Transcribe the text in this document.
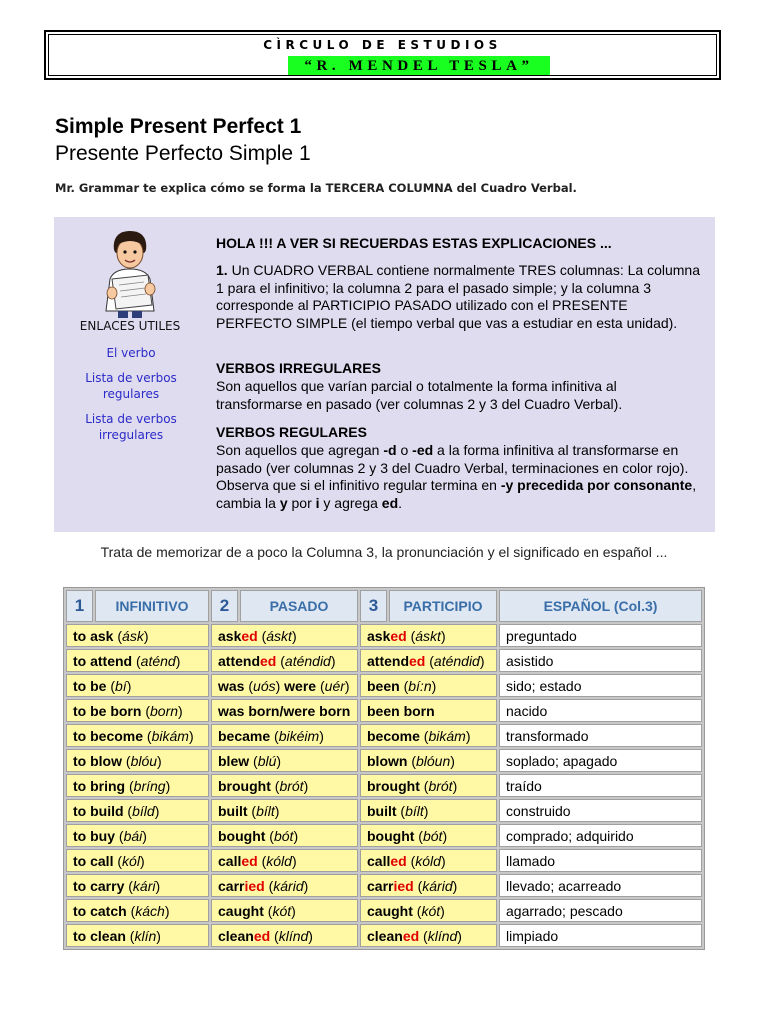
CÌRCULO DE ESTUDIOS
“R. MENDEL TESLA”
Simple Present Perfect 1
Presente Perfecto Simple 1
Mr. Grammar te explica cómo se forma la TERCERA COLUMNA del Cuadro Verbal.
ENLACES UTILES
El verbo
Lista de verbos regulares
Lista de verbos irregulares
HOLA !!! A VER SI RECUERDAS ESTAS EXPLICACIONES ...

1. Un CUADRO VERBAL contiene normalmente TRES columnas: La columna 1 para el infinitivo; la columna 2 para el pasado simple; y la columna 3 corresponde al PARTICIPIO PASADO utilizado con el PRESENTE PERFECTO SIMPLE (el tiempo verbal que vas a estudiar en esta unidad).

VERBOS IRREGULARES

Son aquellos que varían parcial o totalmente la forma infinitiva al transformarse en pasado (ver columnas 2 y 3 del Cuadro Verbal).

VERBOS REGULARES

Son aquellos que agregan -d o -ed a la forma infinitiva al transformarse en pasado (ver columnas 2 y 3 del Cuadro Verbal, terminaciones en color rojo). Observa que si el infinitivo regular termina en -y precedida por consonante, cambia la y por i y agrega ed.

Trata de memorizar de a poco la Columna 3, la pronunciación y el significado en español ...
1	INFINITIVO	2	PASADO	3	PARTICIPIO	ESPAÑOL (Col.3)
to ask (ásk)		asked (áskt)		asked (áskt)		preguntado
to attend (aténd)		attended (aténdid)		attended (aténdid)		asistido
to be (bí)		was (uós) were (uér)		been (bí:n)		sido; estado
to be born (born)		was born/were born		been born		nacido
to become (bikám)		became (bikéim)		become (bikám)		transformado
to blow (blóu)		blew (blú)		blown (blóun)		soplado; apagado
to bring (bríng)		brought (brót)		brought (brót)		traído
to build (bíld)		built (bílt)		built (bílt)		construido
to buy (bái)		bought (bót)		bought (bót)		comprado; adquirido
to call (kól)		called (kóld)		called (kóld)		llamado
to carry (kári)		carried (kárid)		carried (kárid)		llevado; acarreado
to catch (kách)		caught (kót)		caught (kót)		agarrado; pescado
to clean (klín)		cleaned (klínd)		cleaned (klínd)		limpiado
